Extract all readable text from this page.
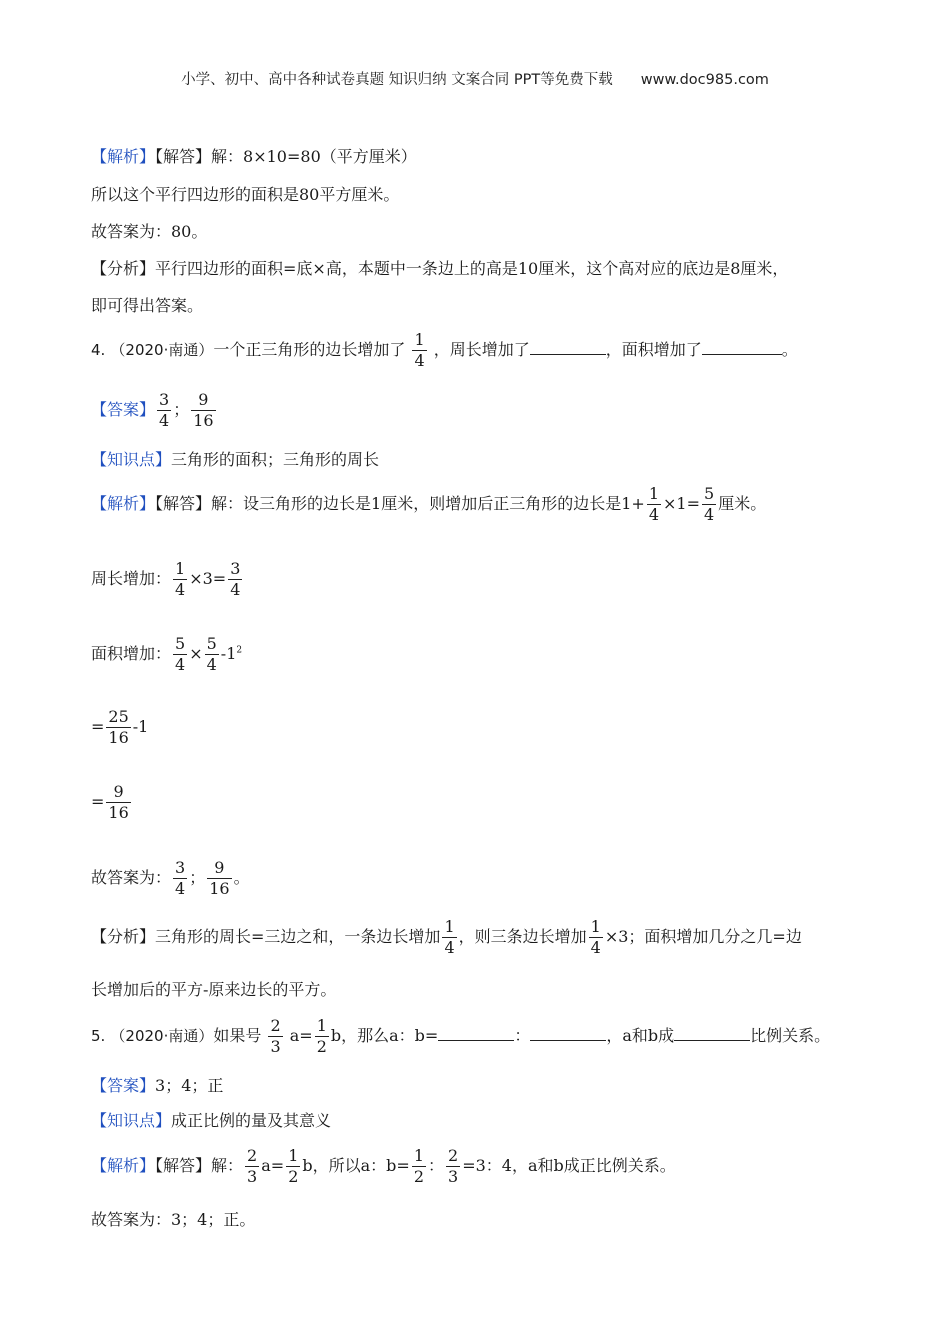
小学、初中、高中各种试卷真题 知识归纳 文案合同 PPT等免费下载 www.doc985.com
【解析】【解答】解：8×10=80（平方厘米）
所以这个平行四边形的面积是80平方厘米。
故答案为：80。
【分析】平行四边形的面积=底×高，本题中一条边上的高是10厘米，这个高对应的底边是8厘米，
即可得出答案。
4. （2020·南通）一个正三角形的边长增加了 $\frac{1}{4}$ ，周长增加了	，面积增加了	。
【答案】 $\frac{3}{4}$ ； $\frac{9}{16}$
【知识点】三角形的面积；三角形的周长
【解析】【解答】解：设三角形的边长是1厘米，则增加后正三角形的边长是$1+ \frac{1}{4} \times 1= \frac{5}{4}$ 厘米。
周长增加： $\frac{1}{4} \times 3= \frac{3}{4}$
面积增加： $\frac{5}{4} \times \frac{5}{4} -1^2$
= $\frac{25}{16} -1$
= $\frac{9}{16}$
故答案为： $\frac{3}{4}$ ； $\frac{9}{16}$ 。
【分析】三角形的周长=三边之和，一条边长增加 $\frac{1}{4}$ ，则三条边长增加 $\frac{1}{4} \times 3$；面积增加几分之几=边
长增加后的平方-原来边长的平方。
5. （2020·南通）如果号 $\frac{2}{3} a= \frac{1}{2}$ b，那么a：b=	：	，a和b成	比例关系。
【答案】3；4；正
【知识点】成正比例的量及其意义
【解析】【解答】解： $\frac{2}{3} a= \frac{1}{2}$ b，所以a：$b= \frac{1}{2}$ ： $\frac{2}{3} =3$：4，a和b成正比例关系。
故答案为：3；4；正。
